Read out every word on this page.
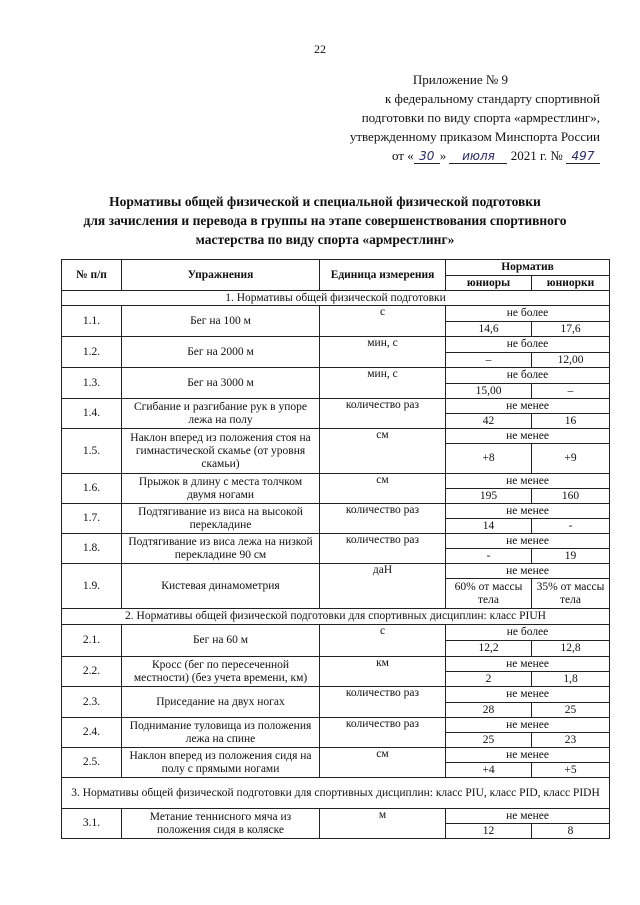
22
Приложение № 9
к федеральному стандарту спортивной
подготовки по виду спорта «армрестлинг»,
утвержденному приказом Минспорта России
от « 30 » июля 2021 г. № 497
Нормативы общей физической и специальной физической подготовки
для зачисления и перевода в группы на этапе совершенствования спортивного
мастерства по виду спорта «армрестлинг»
№ п/п	Упражнения	Единица измерения	Норматив	
			юниоры	юниорки
1. Нормативы общей физической подготовки				
1.1.	Бег на 100 м	с	не более	
			14,6	17,6
1.2.	Бег на 2000 м	мин, с	не более	
			–	12,00
1.3.	Бег на 3000 м	мин, с	не более	
			15,00	–
1.4.	Сгибание и разгибание рук в упоре лежа на полу	количество раз	не менее	
			42	16
1.5.	Наклон вперед из положения стоя на гимнастической скамье (от уровня скамьи)	см	не менее	
			+8	+9
1.6.	Прыжок в длину с места толчком двумя ногами	см	не менее	
			195	160
1.7.	Подтягивание из виса на высокой перекладине	количество раз	не менее	
			14	-
1.8.	Подтягивание из виса лежа на низкой перекладине 90 см	количество раз	не менее	
			-	19
1.9.	Кистевая динамометрия	даН	не менее	
			60% от массы тела	35% от массы тела
2. Нормативы общей физической подготовки для спортивных дисциплин: класс PIUH				
2.1.	Бег на 60 м	с	не более	
			12,2	12,8
2.2.	Кросс (бег по пересеченной местности) (без учета времени, км)	км	не менее	
			2	1,8
2.3.	Приседание на двух ногах	количество раз	не менее	
			28	25
2.4.	Поднимание туловища из положения лежа на спине	количество раз	не менее	
			25	23
2.5.	Наклон вперед из положения сидя на полу с прямыми ногами	см	не менее	
			+4	+5
3. Нормативы общей физической подготовки для спортивных дисциплин: класс PIU, класс PID, класс PIDH				
3.1.	Метание теннисного мяча из положения сидя в коляске	м	не менее	
			12	8
